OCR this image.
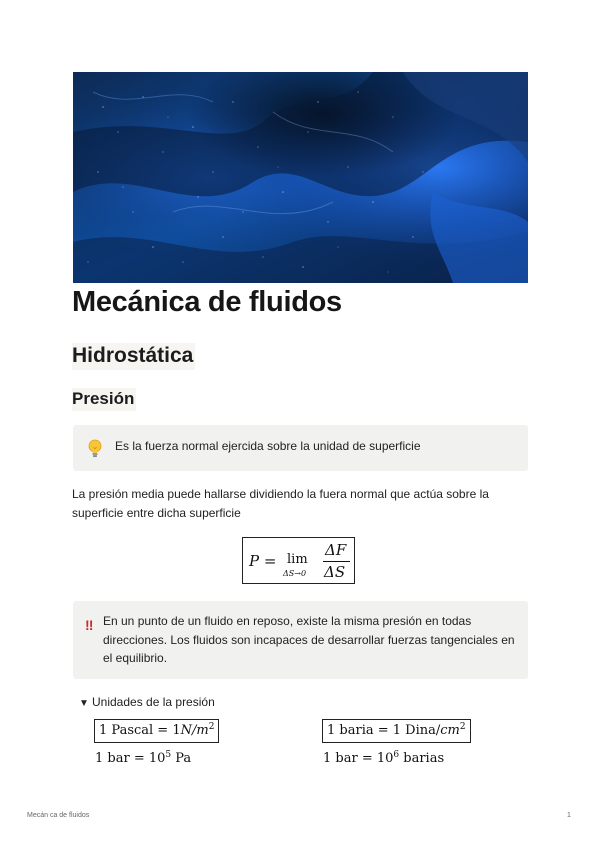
Mecánica de fluidos
Hidrostática
Presión
Es la fuerza normal ejercida sobre la unidad de superficie

La presión media puede hallarse dividiendo la fuera normal que actúa sobre la superficie entre dicha superficie

P = lim
ΔS→0
ΔF
ΔS
‼ En un punto de un fluido en reposo, existe la misma presión en todas direcciones. Los fluidos son incapaces de desarrollar fuerzas tangenciales en el equilibrio.
▼ Unidades de la presión
1 Pascal = $1N/m^2$	1 baria = 1 Dina/$cm^2$
1 bar = $10^5$ Pa	1 bar = $10^6$ barias
Mecán ca de fluidos	1
